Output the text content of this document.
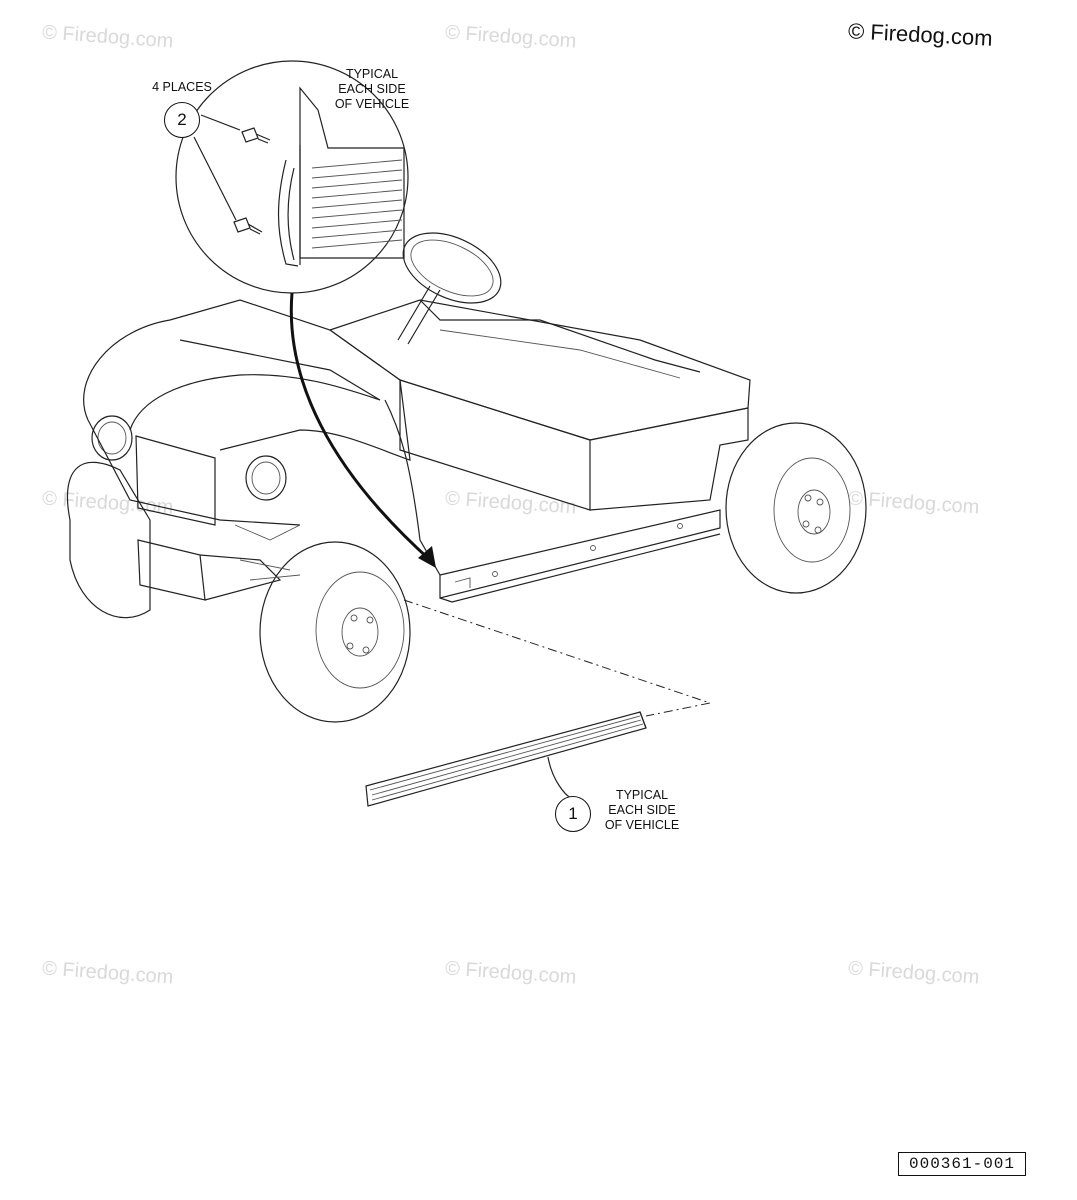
© Firedog.com	© Firedog.com
© Firedog.com	© Firedog.com	© Firedog.com
© Firedog.com	© Firedog.com	© Firedog.com
© Firedog.com
4 PLACES
TYPICAL
EACH SIDE
OF VEHICLE
2
1
TYPICAL
EACH SIDE
OF VEHICLE
000361-001
